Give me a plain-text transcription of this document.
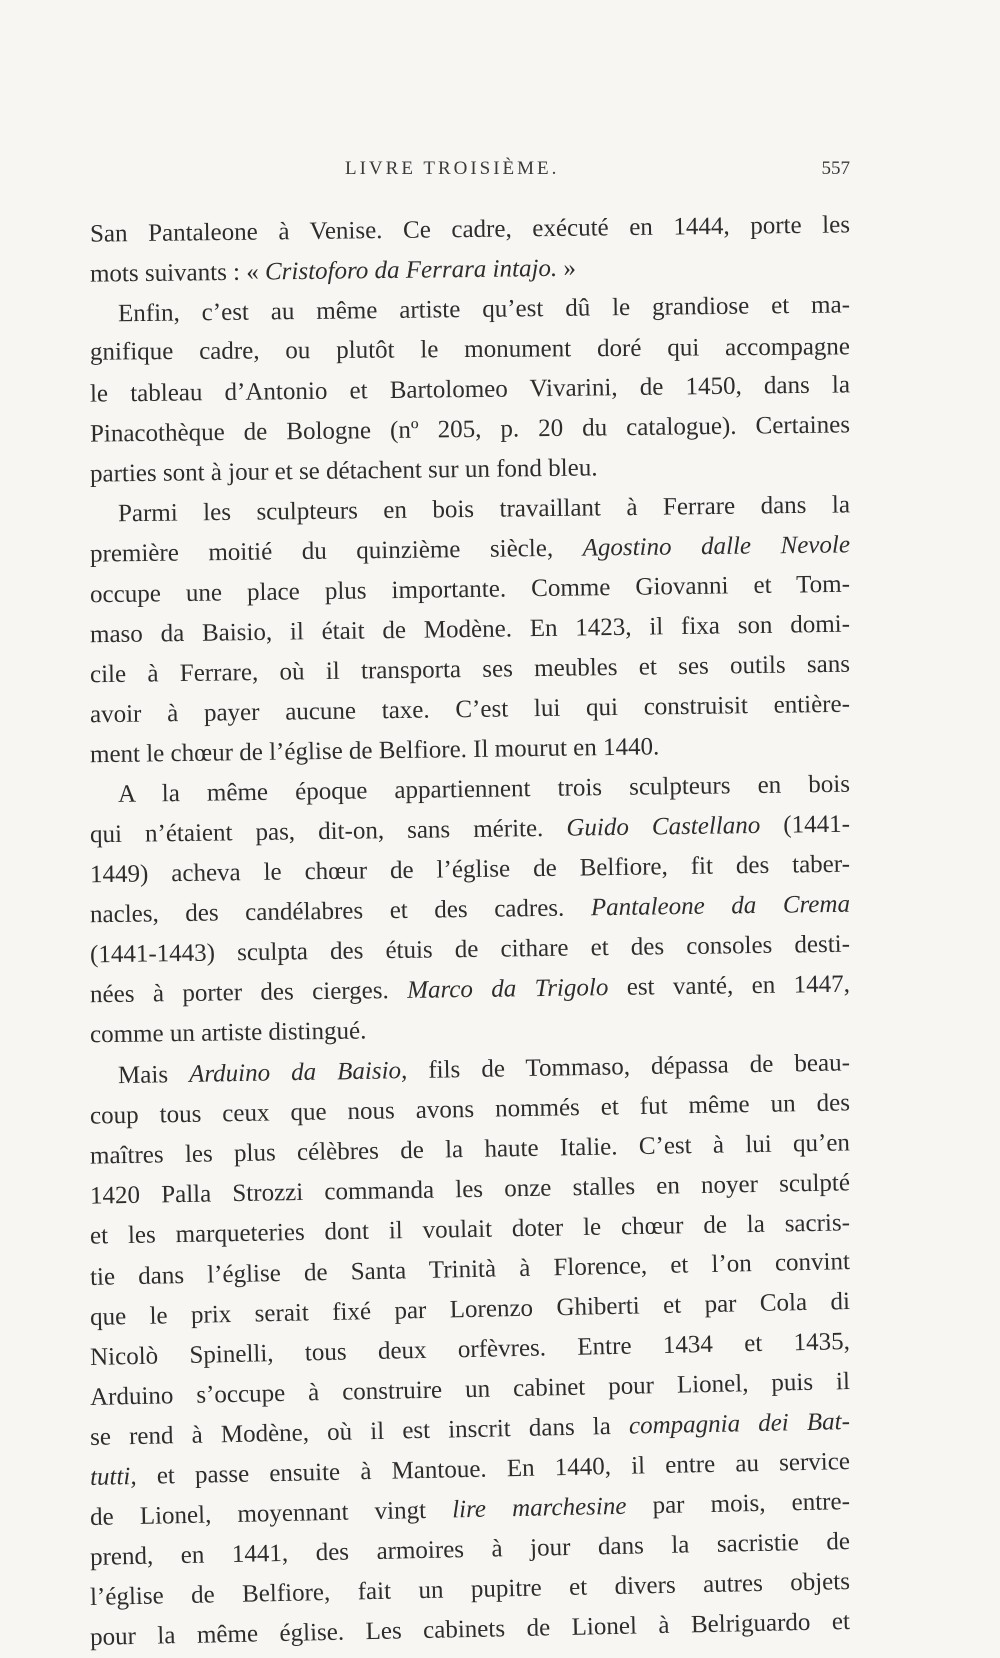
LIVRE TROISIÈME.	557
San Pantaleone à Venise. Ce cadre, exécuté en 1444, porte les
mots suivants : « Cristoforo da Ferrara intajo. »
Enfin, c’est au même artiste qu’est dû le grandiose et ma-
gnifique cadre, ou plutôt le monument doré qui accompagne
le tableau d’Antonio et Bartolomeo Vivarini, de 1450, dans la
Pinacothèque de Bologne (nº 205, p. 20 du catalogue). Certaines
parties sont à jour et se détachent sur un fond bleu.
Parmi les sculpteurs en bois travaillant à Ferrare dans la
première moitié du quinzième siècle, Agostino dalle Nevole
occupe une place plus importante. Comme Giovanni et Tom-
maso da Baisio, il était de Modène. En 1423, il fixa son domi-
cile à Ferrare, où il transporta ses meubles et ses outils sans
avoir à payer aucune taxe. C’est lui qui construisit entière-
ment le chœur de l’église de Belfiore. Il mourut en 1440.
A la même époque appartiennent trois sculpteurs en bois
qui n’étaient pas, dit-on, sans mérite. Guido Castellano (1441-
1449) acheva le chœur de l’église de Belfiore, fit des taber-
nacles, des candélabres et des cadres. Pantaleone da Crema
(1441-1443) sculpta des étuis de cithare et des consoles desti-
nées à porter des cierges. Marco da Trigolo est vanté, en 1447,
comme un artiste distingué.
Mais Arduino da Baisio, fils de Tommaso, dépassa de beau-
coup tous ceux que nous avons nommés et fut même un des
maîtres les plus célèbres de la haute Italie. C’est à lui qu’en
1420 Palla Strozzi commanda les onze stalles en noyer sculpté
et les marqueteries dont il voulait doter le chœur de la sacris-
tie dans l’église de Santa Trinità à Florence, et l’on convint
que le prix serait fixé par Lorenzo Ghiberti et par Cola di
Nicolò Spinelli, tous deux orfèvres. Entre 1434 et 1435,
Arduino s’occupe à construire un cabinet pour Lionel, puis il
se rend à Modène, où il est inscrit dans la compagnia dei Bat-
tutti, et passe ensuite à Mantoue. En 1440, il entre au service
de Lionel, moyennant vingt lire marchesine par mois, entre-
prend, en 1441, des armoires à jour dans la sacristie de
l’église de Belfiore, fait un pupitre et divers autres objets
pour la même église. Les cabinets de Lionel à Belriguardo et
